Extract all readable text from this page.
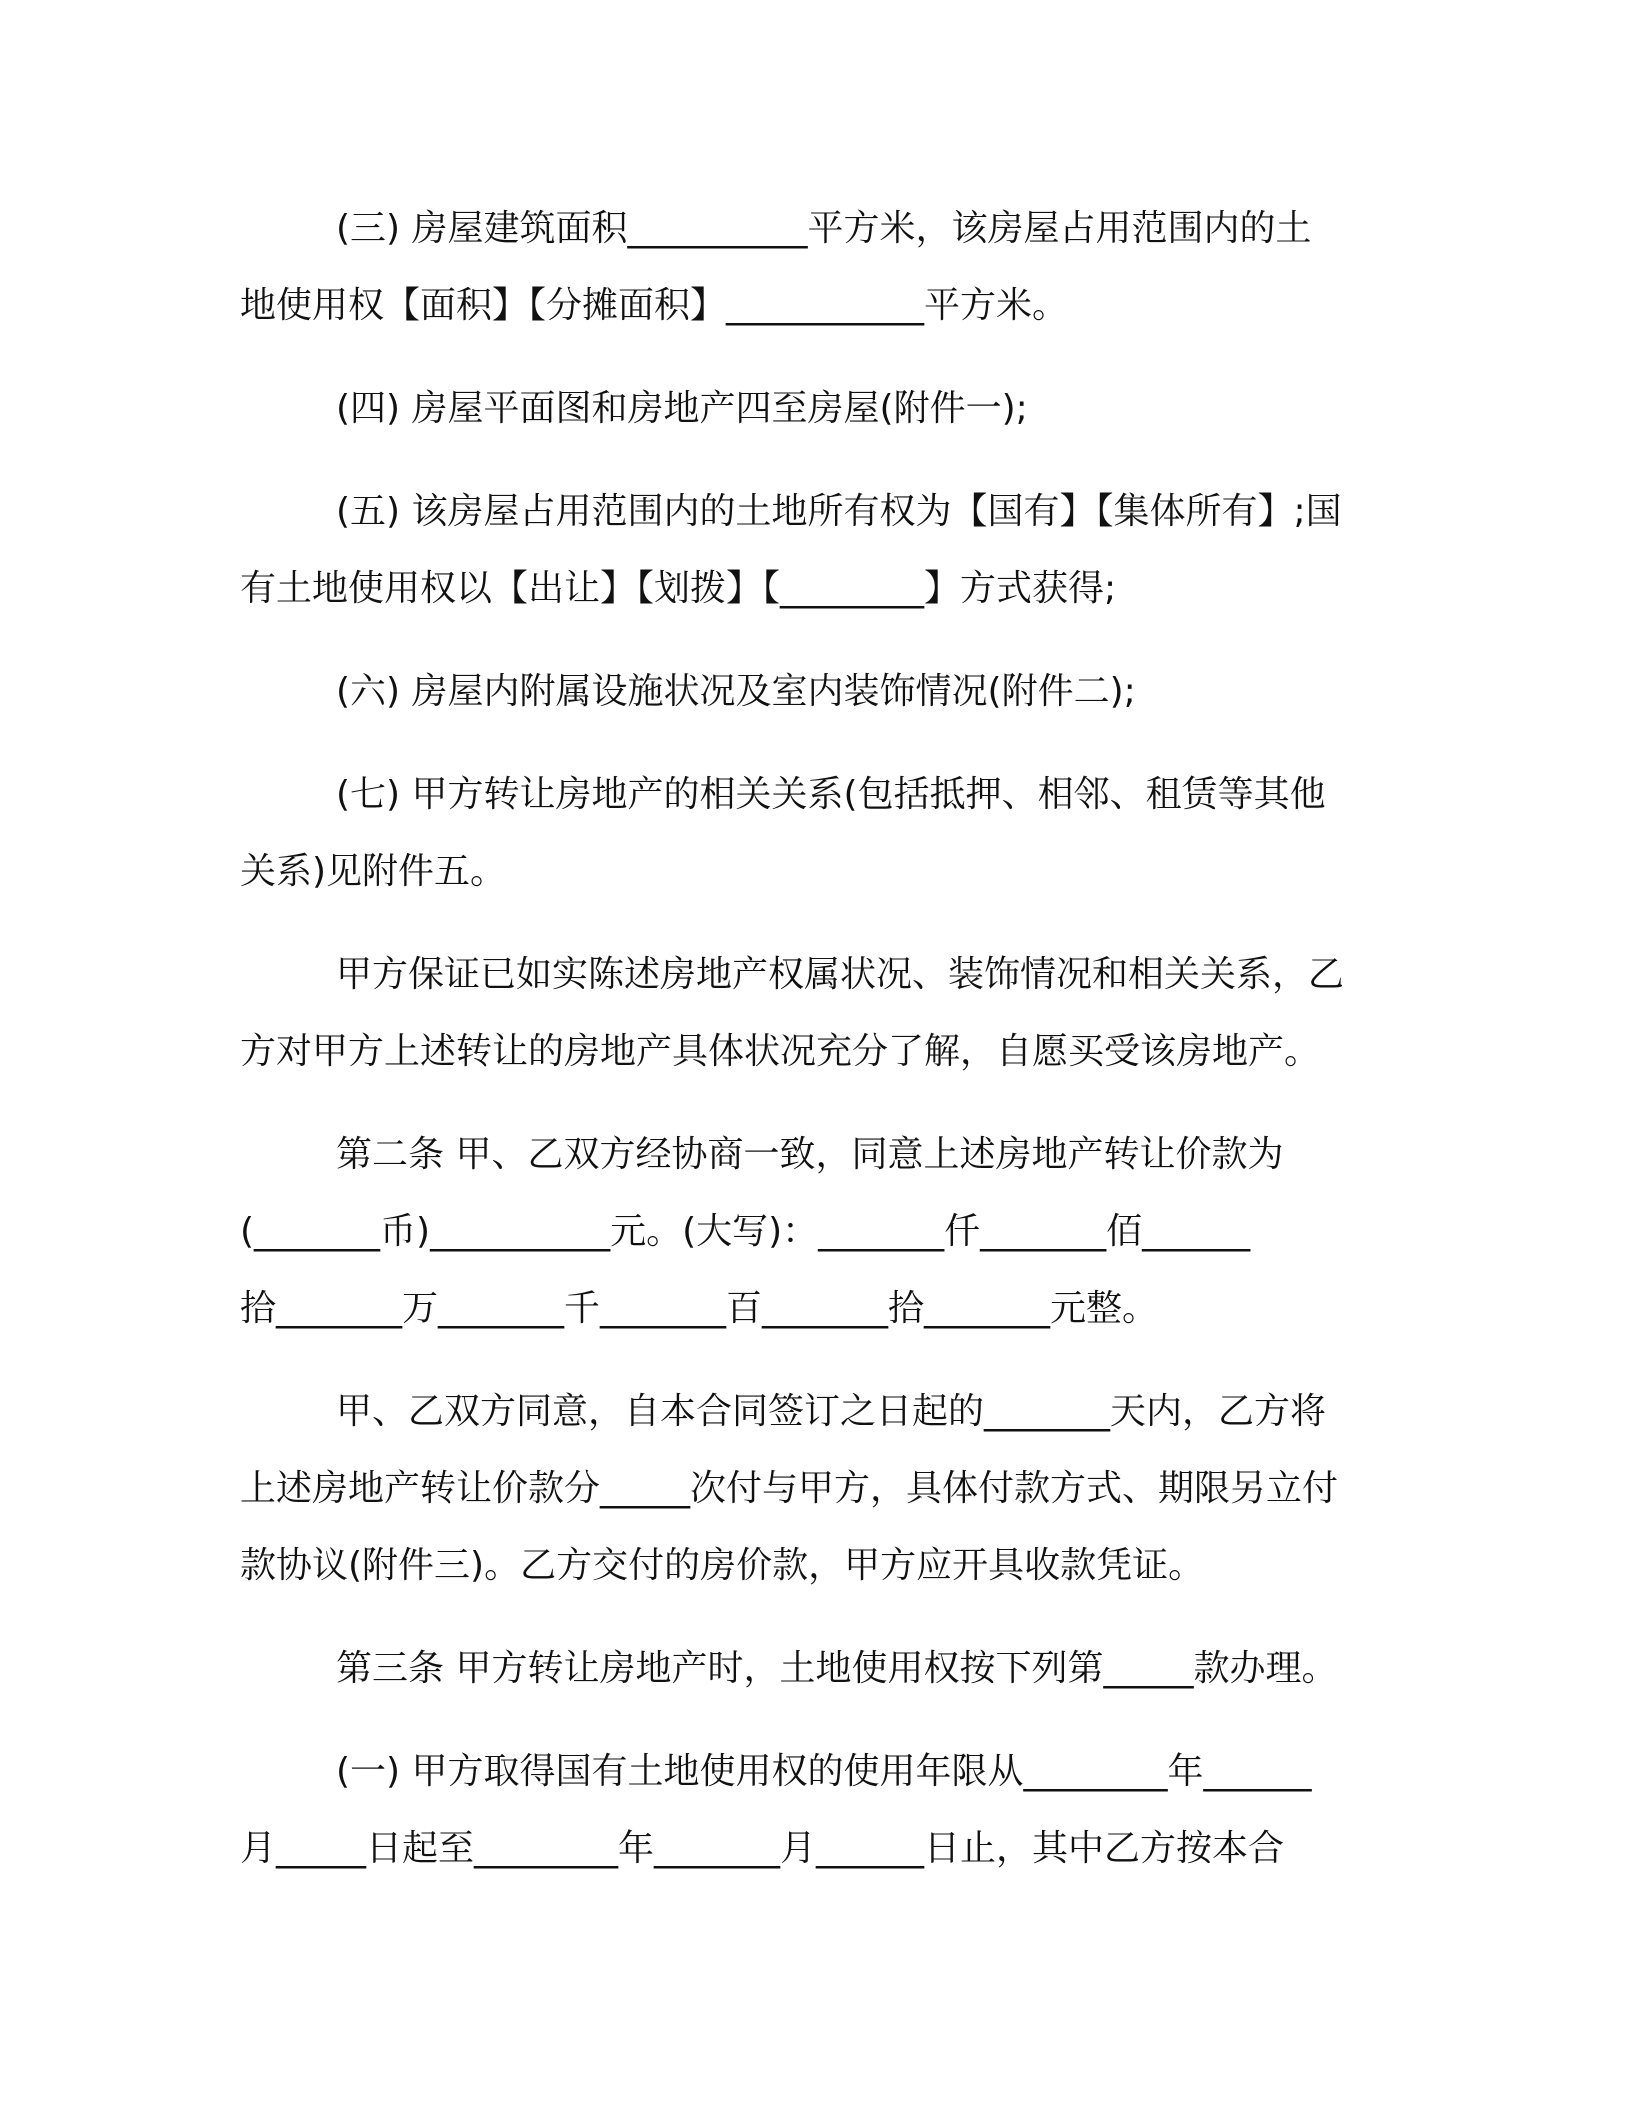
(三) 房屋建筑面积__________平方米，该房屋占用范围内的土
地使用权【面积】【分摊面积】___________平方米。

(四) 房屋平面图和房地产四至房屋(附件一);

(五) 该房屋占用范围内的土地所有权为【国有】【集体所有】;国
有土地使用权以【出让】【划拨】【________】方式获得;

(六) 房屋内附属设施状况及室内装饰情况(附件二);

(七) 甲方转让房地产的相关关系(包括抵押、相邻、租赁等其他
关系)见附件五。

甲方保证已如实陈述房地产权属状况、装饰情况和相关关系，乙
方对甲方上述转让的房地产具体状况充分了解，自愿买受该房地产。

第二条 甲、乙双方经协商一致，同意上述房地产转让价款为
(_______币)__________元。(大写)：_______仟_______佰______
拾_______万_______千_______百_______拾_______元整。

甲、乙双方同意，自本合同签订之日起的_______天内，乙方将
上述房地产转让价款分_____次付与甲方，具体付款方式、期限另立付
款协议(附件三)。乙方交付的房价款，甲方应开具收款凭证。

第三条 甲方转让房地产时，土地使用权按下列第_____款办理。

(一) 甲方取得国有土地使用权的使用年限从________年______
月_____日起至________年_______月______日止，其中乙方按本合
